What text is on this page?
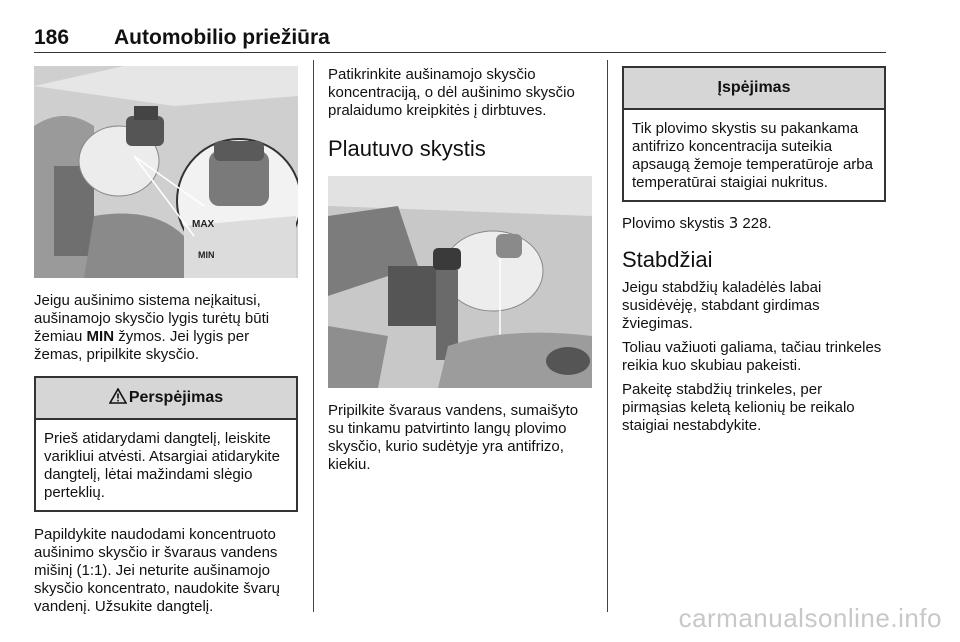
186 Automobilio priežiūra
MAX
MIN

Jeigu aušinimo sistema neįkaitusi, aušinamojo skysčio lygis turėtų būti žemiau MIN žymos. Jei lygis per žemas, pripilkite skysčio.

Perspėjimas

Prieš atidarydami dangtelį, leiskite varikliui atvėsti. Atsargiai atidarykite dangtelį, lėtai mažindami slėgio perteklių.

Papildykite naudodami koncentruoto aušinimo skysčio ir švaraus vandens mišinį (1:1). Jei neturite aušinamojo skysčio koncentrato, naudokite švarų vandenį. Užsukite dangtelį.

Patikrinkite aušinamojo skysčio koncentraciją, o dėl aušinimo skysčio pralaidumo kreipkitės į dirbtuves.

Plautuvo skystis

Pripilkite švaraus vandens, sumaišyto su tinkamu patvirtinto langų plovimo skysčio, kurio sudėtyje yra antifrizo, kiekiu.

Įspėjimas

Tik plovimo skystis su pakankama antifrizo koncentracija suteikia apsaugą žemoje temperatūroje arba temperatūrai staigiai nukritus.

Plovimo skystis 3 228.

Stabdžiai

Jeigu stabdžių kaladėlės labai susidėvėję, stabdant girdimas žviegimas.

Toliau važiuoti galiama, tačiau trinkeles reikia kuo skubiau pakeisti.

Pakeitę stabdžių trinkeles, per pirmąsias keletą kelionių be reikalo staigiai nestabdykite.

carmanualsonline.info
